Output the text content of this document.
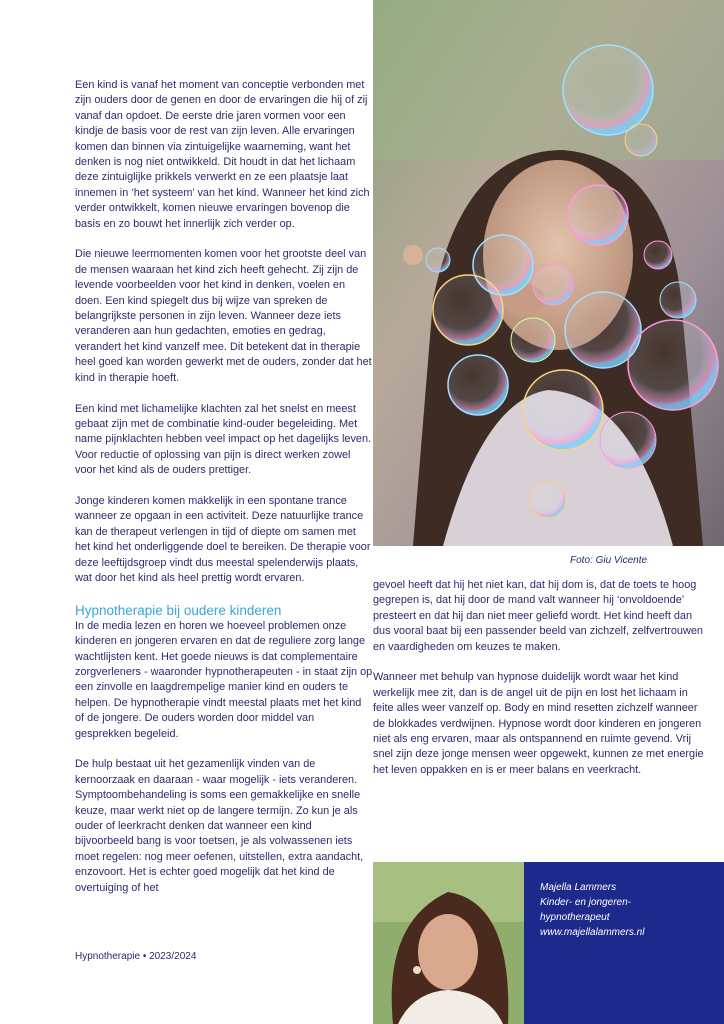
Een kind is vanaf het moment van conceptie verbonden met zijn ouders door de genen en door de ervaringen die hij of zij vanaf dan opdoet. De eerste drie jaren vormen voor een kindje de basis voor de rest van zijn leven. Alle ervaringen komen dan binnen via zintuigelijke waarneming, want het denken is nog niet ontwikkeld. Dit houdt in dat het lichaam deze zintuiglijke prikkels verwerkt en ze een plaatsje laat innemen in ‘het systeem’ van het kind. Wanneer het kind zich verder ontwikkelt, komen nieuwe ervaringen bovenop die basis en zo bouwt het innerlijk zich verder op.

Die nieuwe leermomenten komen voor het grootste deel van de mensen waaraan het kind zich heeft gehecht. Zij zijn de levende voorbeelden voor het kind in denken, voelen en doen. Een kind spiegelt dus bij wijze van spreken de belangrijkste personen in zijn leven. Wanneer deze iets veranderen aan hun gedachten, emoties en gedrag, verandert het kind vanzelf mee. Dit betekent dat in therapie heel goed kan worden gewerkt met de ouders, zonder dat het kind in therapie hoeft.

Een kind met lichamelijke klachten zal het snelst en meest gebaat zijn met de combinatie kind-ouder begeleiding. Met name pijnklachten hebben veel impact op het dagelijks leven. Voor reductie of oplossing van pijn is direct werken zowel voor het kind als de ouders prettiger.

Jonge kinderen komen makkelijk in een spontane trance wanneer ze opgaan in een activiteit. Deze natuurlijke trance kan de therapeut verlengen in tijd of diepte om samen met het kind het onderliggende doel te bereiken. De therapie voor deze leeftijdsgroep vindt dus meestal spelenderwijs plaats, wat door het kind als heel prettig wordt ervaren.

Hypnotherapie bij oudere kinderen

In de media lezen en horen we hoeveel problemen onze kinderen en jongeren ervaren en dat de reguliere zorg lange wachtlijsten kent. Het goede nieuws is dat complementaire zorgverleners - waaronder hypnotherapeuten - in staat zijn op een zinvolle en laagdrempelige manier kind en ouders te helpen. De hypnotherapie vindt meestal plaats met het kind of de jongere. De ouders worden door middel van gesprekken begeleid.

De hulp bestaat uit het gezamenlijk vinden van de kernoorzaak en daaraan - waar mogelijk - iets veranderen. Symptoombehandeling is soms een gemakkelijke en snelle keuze, maar werkt niet op de langere termijn. Zo kun je als ouder of leerkracht denken dat wanneer een kind bijvoorbeeld bang is voor toetsen, je als volwassenen iets moet regelen: nog meer oefenen, uitstellen, extra aandacht, enzovoort. Het is echter goed mogelijk dat het kind de overtuiging of het

Foto: Giu Vicente

gevoel heeft dat hij het niet kan, dat hij dom is, dat de toets te hoog gegrepen is, dat hij door de mand valt wanneer hij ‘onvoldoende’ presteert en dat hij dan niet meer geliefd wordt. Het kind heeft dan dus vooral baat bij een passender beeld van zichzelf, zelfvertrouwen en vaardigheden om keuzes te maken.

Wanneer met behulp van hypnose duidelijk wordt waar het kind werkelijk mee zit, dan is de angel uit de pijn en lost het lichaam in feite alles weer vanzelf op. Body en mind resetten zichzelf wanneer de blokkades verdwijnen. Hypnose wordt door kinderen en jongeren niet als eng ervaren, maar als ontspannend en ruimte gevend. Vrij snel zijn deze jonge mensen weer opgewekt, kunnen ze met energie het leven oppakken en is er meer balans en veerkracht.

Hypnotherapie • 2023/2024
Majella Lammers
Kinder- en jongeren-
hypnotherapeut
www.majellalammers.nl
